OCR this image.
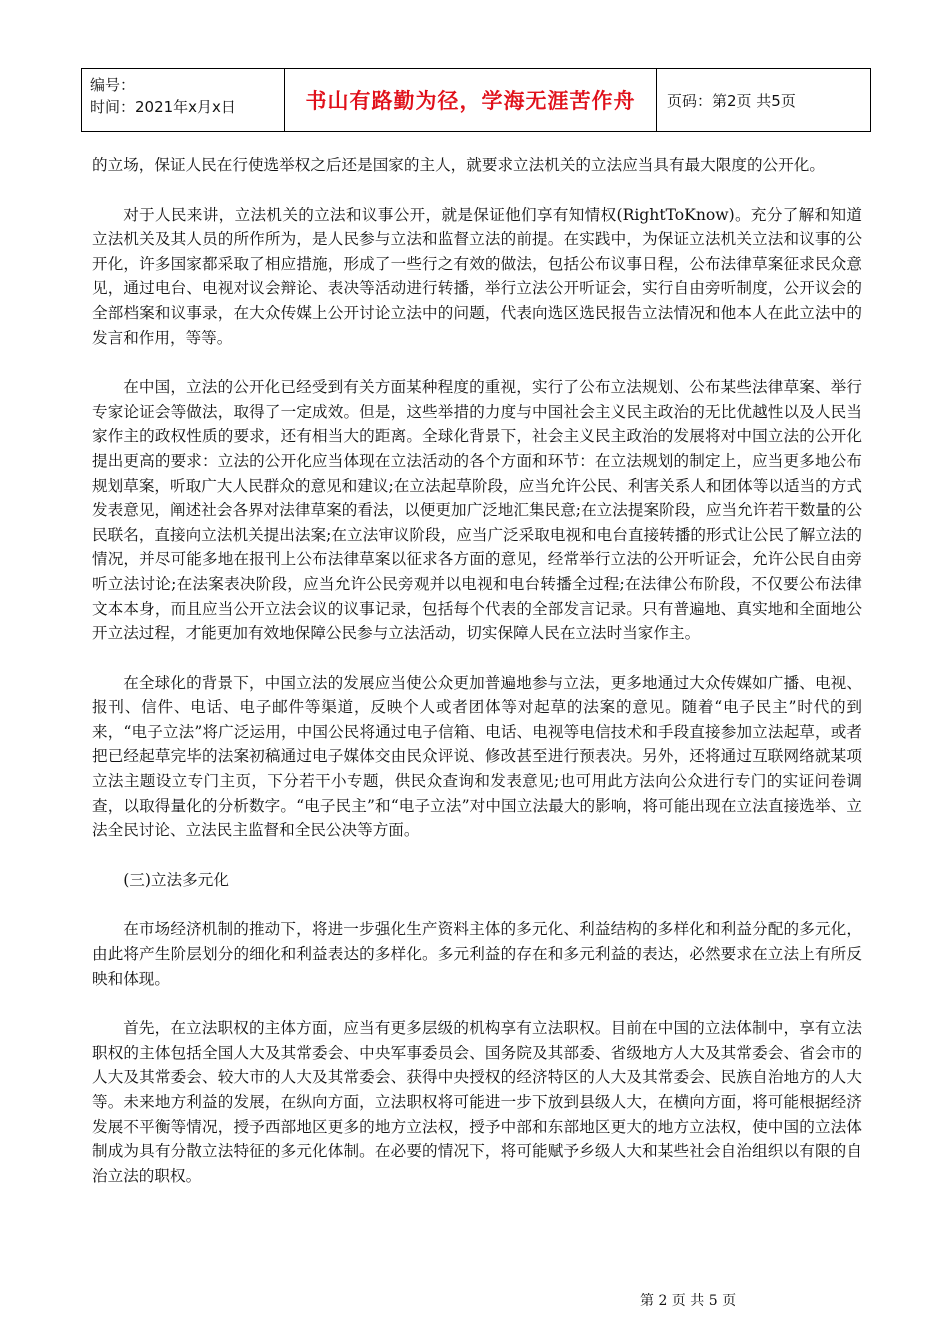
编号：
时间：2021年x月x日	书山有路勤为径，学海无涯苦作舟 页码：第2页 共5页

的立场，保证人民在行使选举权之后还是国家的主人，就要求立法机关的立法应当具有最大限度的公开化。

对于人民来讲，立法机关的立法和议事公开，就是保证他们享有知情权(RightToKnow)。充分了解和知道立法机关及其人员的所作所为，是人民参与立法和监督立法的前提。在实践中，为保证立法机关立法和议事的公开化，许多国家都采取了相应措施，形成了一些行之有效的做法，包括公布议事日程，公布法律草案征求民众意见，通过电台、电视对议会辩论、表决等活动进行转播，举行立法公开听证会，实行自由旁听制度，公开议会的全部档案和议事录，在大众传媒上公开讨论立法中的问题，代表向选区选民报告立法情况和他本人在此立法中的发言和作用，等等。

在中国，立法的公开化已经受到有关方面某种程度的重视，实行了公布立法规划、公布某些法律草案、举行专家论证会等做法，取得了一定成效。但是，这些举措的力度与中国社会主义民主政治的无比优越性以及人民当家作主的政权性质的要求，还有相当大的距离。全球化背景下，社会主义民主政治的发展将对中国立法的公开化提出更高的要求：立法的公开化应当体现在立法活动的各个方面和环节：在立法规划的制定上，应当更多地公布规划草案，听取广大人民群众的意见和建议;在立法起草阶段，应当允许公民、利害关系人和团体等以适当的方式发表意见，阐述社会各界对法律草案的看法，以便更加广泛地汇集民意;在立法提案阶段，应当允许若干数量的公民联名，直接向立法机关提出法案;在立法审议阶段，应当广泛采取电视和电台直接转播的形式让公民了解立法的情况，并尽可能多地在报刊上公布法律草案以征求各方面的意见，经常举行立法的公开听证会，允许公民自由旁听立法讨论;在法案表决阶段，应当允许公民旁观并以电视和电台转播全过程;在法律公布阶段，不仅要公布法律文本本身，而且应当公开立法会议的议事记录，包括每个代表的全部发言记录。只有普遍地、真实地和全面地公开立法过程，才能更加有效地保障公民参与立法活动，切实保障人民在立法时当家作主。

在全球化的背景下，中国立法的发展应当使公众更加普遍地参与立法，更多地通过大众传媒如广播、电视、报刊、信件、电话、电子邮件等渠道，反映个人或者团体等对起草的法案的意见。随着“电子民主”时代的到来，“电子立法”将广泛运用，中国公民将通过电子信箱、电话、电视等电信技术和手段直接参加立法起草，或者把已经起草完毕的法案初稿通过电子媒体交由民众评说、修改甚至进行预表决。另外，还将通过互联网络就某项立法主题设立专门主页，下分若干小专题，供民众查询和发表意见;也可用此方法向公众进行专门的实证问卷调查，以取得量化的分析数字。“电子民主”和“电子立法”对中国立法最大的影响，将可能出现在立法直接选举、立法全民讨论、立法民主监督和全民公决等方面。

(三)立法多元化

在市场经济机制的推动下，将进一步强化生产资料主体的多元化、利益结构的多样化和利益分配的多元化，由此将产生阶层划分的细化和利益表达的多样化。多元利益的存在和多元利益的表达，必然要求在立法上有所反映和体现。

首先，在立法职权的主体方面，应当有更多层级的机构享有立法职权。目前在中国的立法体制中，享有立法职权的主体包括全国人大及其常委会、中央军事委员会、国务院及其部委、省级地方人大及其常委会、省会市的人大及其常委会、较大市的人大及其常委会、获得中央授权的经济特区的人大及其常委会、民族自治地方的人大等。未来地方利益的发展，在纵向方面，立法职权将可能进一步下放到县级人大，在横向方面，将可能根据经济发展不平衡等情况，授予西部地区更多的地方立法权，授予中部和东部地区更大的地方立法权，使中国的立法体制成为具有分散立法特征的多元化体制。在必要的情况下，将可能赋予乡级人大和某些社会自治组织以有限的自治立法的职权。

第 2 页 共 5 页
